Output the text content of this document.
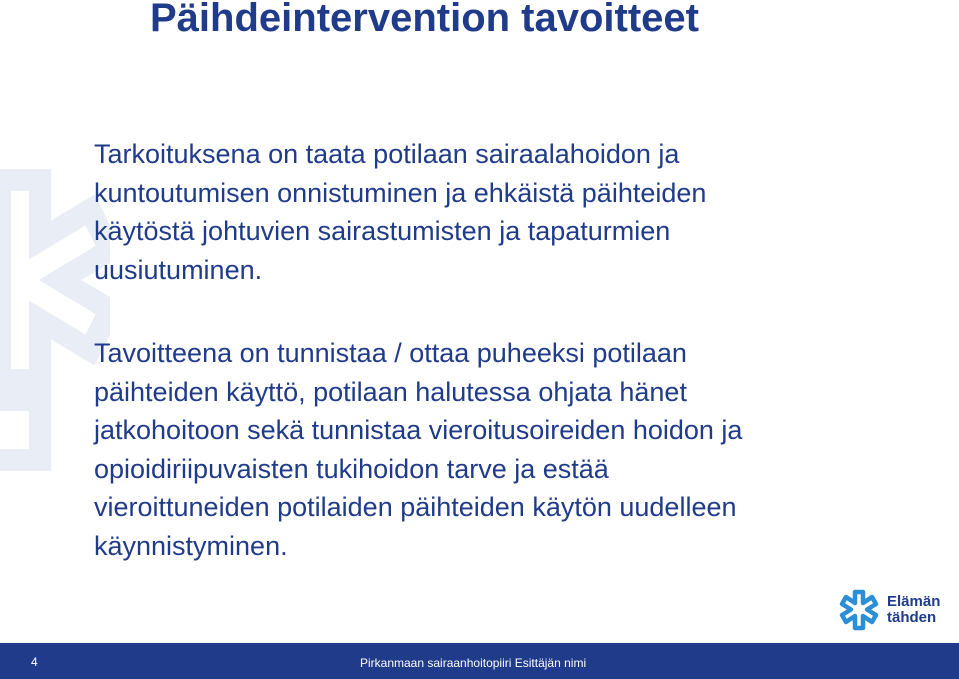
Päihdeintervention tavoitteet
Tarkoituksena on taata potilaan sairaalahoidon ja
kuntoutumisen onnistuminen ja ehkäistä päihteiden
käytöstä johtuvien sairastumisten ja tapaturmien
uusiutuminen.
Tavoitteena on tunnistaa / ottaa puheeksi potilaan
päihteiden käyttö, potilaan halutessa ohjata hänet
jatkohoitoon sekä tunnistaa vieroitusoireiden hoidon ja
opioidiriipuvaisten tukihoidon tarve ja estää
vieroittuneiden potilaiden päihteiden käytön uudelleen
käynnistyminen.
Elämän
tähden
4	Pirkanmaan sairaanhoitopiiri Esittäjän nimi
